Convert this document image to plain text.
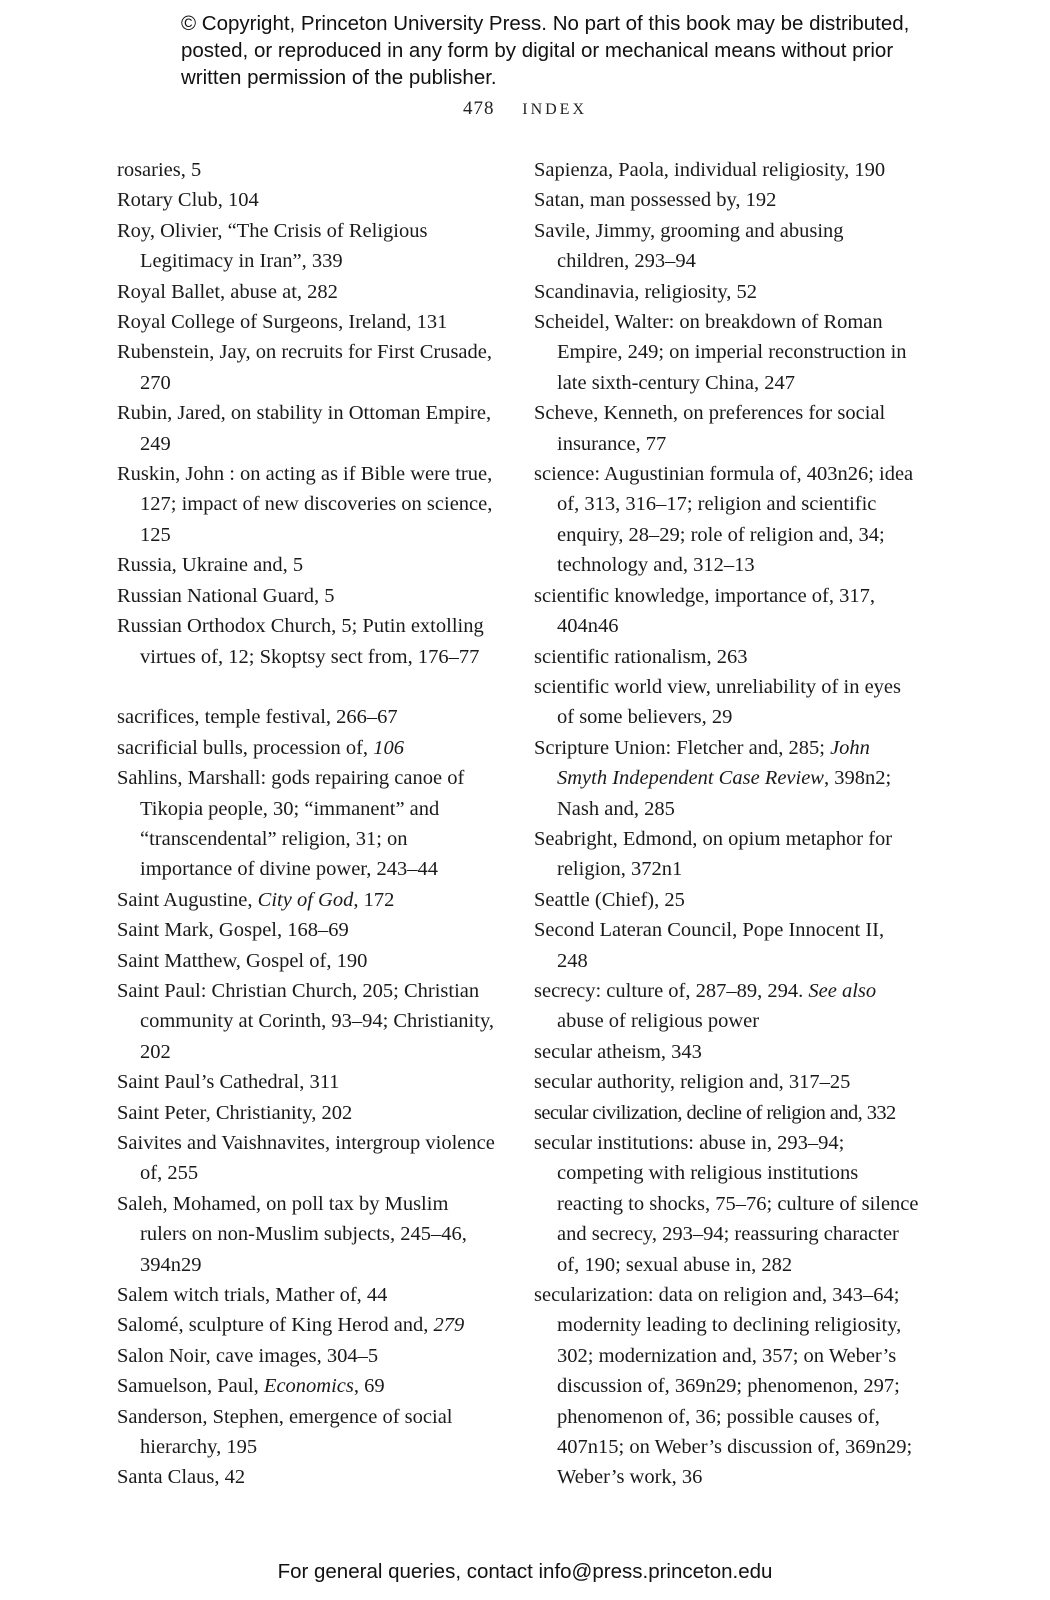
© Copyright, Princeton University Press. No part of this book may be distributed, posted, or reproduced in any form by digital or mechanical means without prior written permission of the publisher.
478 INDEX

rosaries, 5

Rotary Club, 104

Roy, Olivier, “The Crisis of Religious Legitimacy in Iran”, 339

Royal Ballet, abuse at, 282

Royal College of Surgeons, Ireland, 131

Rubenstein, Jay, on recruits for First Crusade, 270

Rubin, Jared, on stability in Ottoman Empire, 249

Ruskin, John : on acting as if Bible were true, 127; impact of new discoveries on science, 125

Russia, Ukraine and, 5

Russian National Guard, 5

Russian Orthodox Church, 5; Putin extolling virtues of, 12; Skoptsy sect from, 176–77

sacrifices, temple festival, 266–67

sacrificial bulls, procession of, 106

Sahlins, Marshall: gods repairing canoe of Tikopia people, 30; “immanent” and “transcendental” religion, 31; on importance of divine power, 243–44

Saint Augustine, City of God, 172

Saint Mark, Gospel, 168–69

Saint Matthew, Gospel of, 190

Saint Paul: Christian Church, 205; Christian community at Corinth, 93–94; Christianity, 202

Saint Paul’s Cathedral, 311

Saint Peter, Christianity, 202

Saivites and Vaishnavites, intergroup violence of, 255

Saleh, Mohamed, on poll tax by Muslim rulers on non-Muslim subjects, 245–46, 394n29

Salem witch trials, Mather of, 44

Salomé, sculpture of King Herod and, 279

Salon Noir, cave images, 304–5

Samuelson, Paul, Economics, 69

Sanderson, Stephen, emergence of social hierarchy, 195

Santa Claus, 42

Sapienza, Paola, individual religiosity, 190

Satan, man possessed by, 192

Savile, Jimmy, grooming and abusing children, 293–94

Scandinavia, religiosity, 52

Scheidel, Walter: on breakdown of Roman Empire, 249; on imperial reconstruction in late sixth-century China, 247

Scheve, Kenneth, on preferences for social insurance, 77

science: Augustinian formula of, 403n26; idea of, 313, 316–17; religion and scientific enquiry, 28–29; role of religion and, 34; technology and, 312–13

scientific knowledge, importance of, 317, 404n46

scientific rationalism, 263

scientific world view, unreliability of in eyes of some believers, 29

Scripture Union: Fletcher and, 285; John Smyth Independent Case Review, 398n2; Nash and, 285

Seabright, Edmond, on opium metaphor for religion, 372n1

Seattle (Chief), 25

Second Lateran Council, Pope Innocent II, 248

secrecy: culture of, 287–89, 294. See also abuse of religious power

secular atheism, 343

secular authority, religion and, 317–25

secular civilization, decline of religion and, 332

secular institutions: abuse in, 293–94; competing with religious institutions reacting to shocks, 75–76; culture of silence and secrecy, 293–94; reassuring character of, 190; sexual abuse in, 282

secularization: data on religion and, 343–64; modernity leading to declining religiosity, 302; modernization and, 357; on Weber’s discussion of, 369n29; phenomenon, 297; phenomenon of, 36; possible causes of, 407n15; on Weber’s discussion of, 369n29; Weber’s work, 36

For general queries, contact info@press.princeton.edu
